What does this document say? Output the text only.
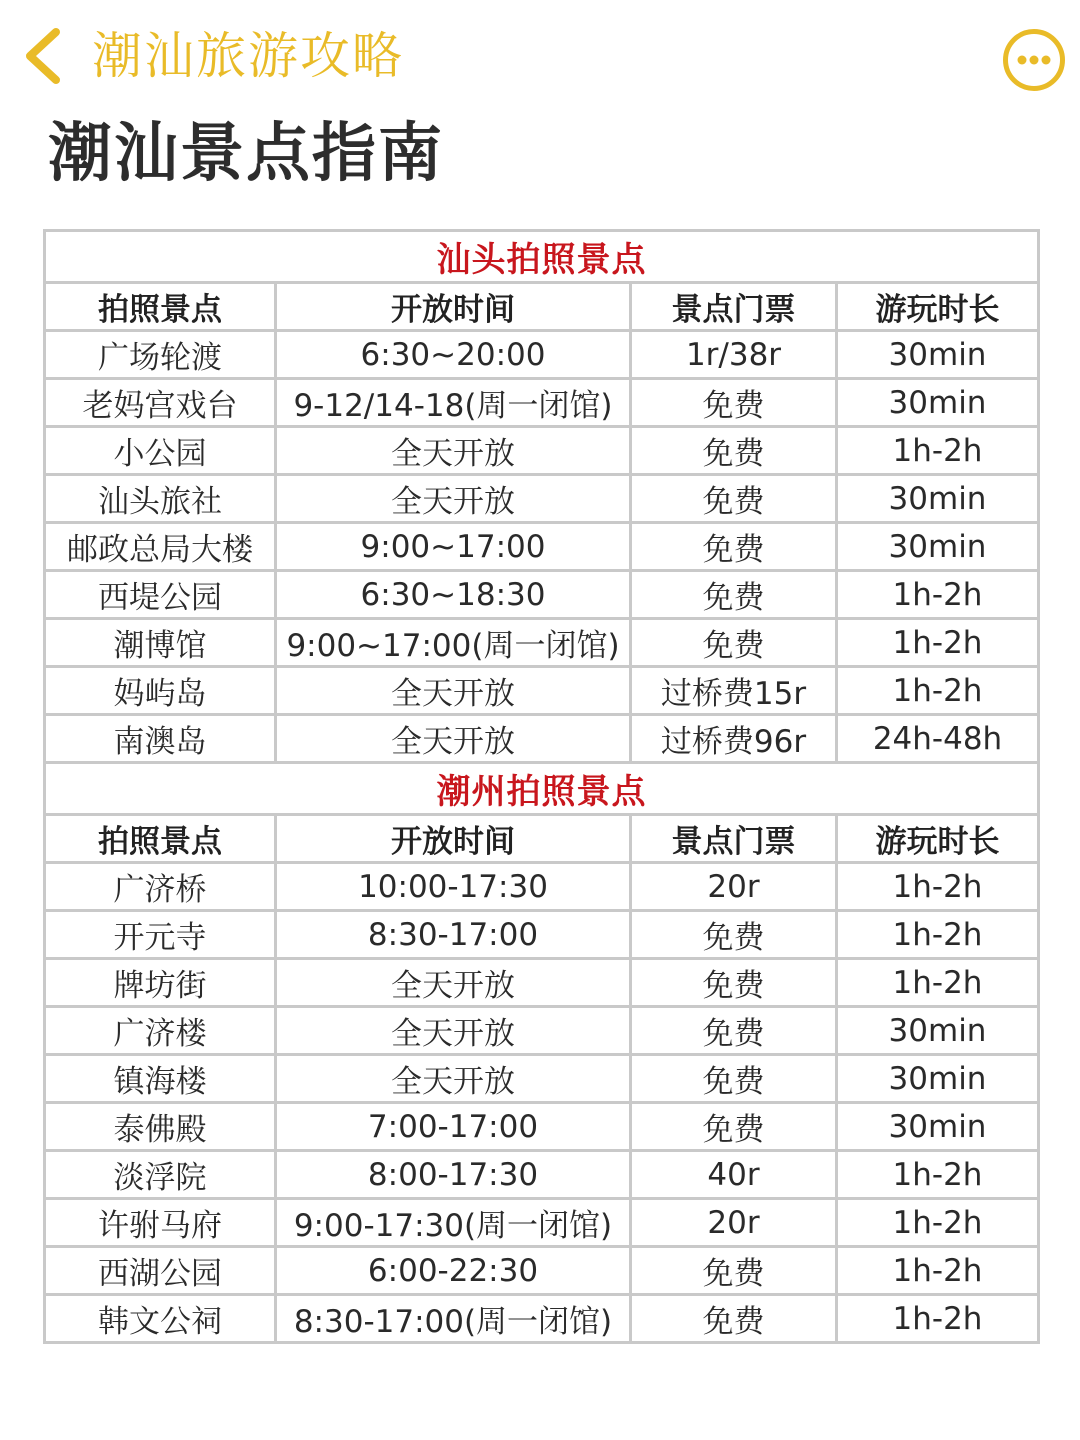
潮汕旅游攻略
潮汕景点指南
汕头拍照景点			
拍照景点	开放时间	景点门票	游玩时长
广场轮渡	6:30~20:00	1r/38r	30min
老妈宫戏台	9-12/14-18(周一闭馆)	免费	30min
小公园	全天开放	免费	1h-2h
汕头旅社	全天开放	免费	30min
邮政总局大楼	9:00~17:00	免费	30min
西堤公园	6:30~18:30	免费	1h-2h
潮博馆	9:00~17:00(周一闭馆)	免费	1h-2h
妈屿岛	全天开放	过桥费15r	1h-2h
南澳岛	全天开放	过桥费96r	24h-48h
潮州拍照景点			
拍照景点	开放时间	景点门票	游玩时长
广济桥	10:00-17:30	20r	1h-2h
开元寺	8:30-17:00	免费	1h-2h
牌坊街	全天开放	免费	1h-2h
广济楼	全天开放	免费	30min
镇海楼	全天开放	免费	30min
泰佛殿	7:00-17:00	免费	30min
淡浮院	8:00-17:30	40r	1h-2h
许驸马府	9:00-17:30(周一闭馆)	20r	1h-2h
西湖公园	6:00-22:30	免费	1h-2h
韩文公祠	8:30-17:00(周一闭馆)	免费	1h-2h
